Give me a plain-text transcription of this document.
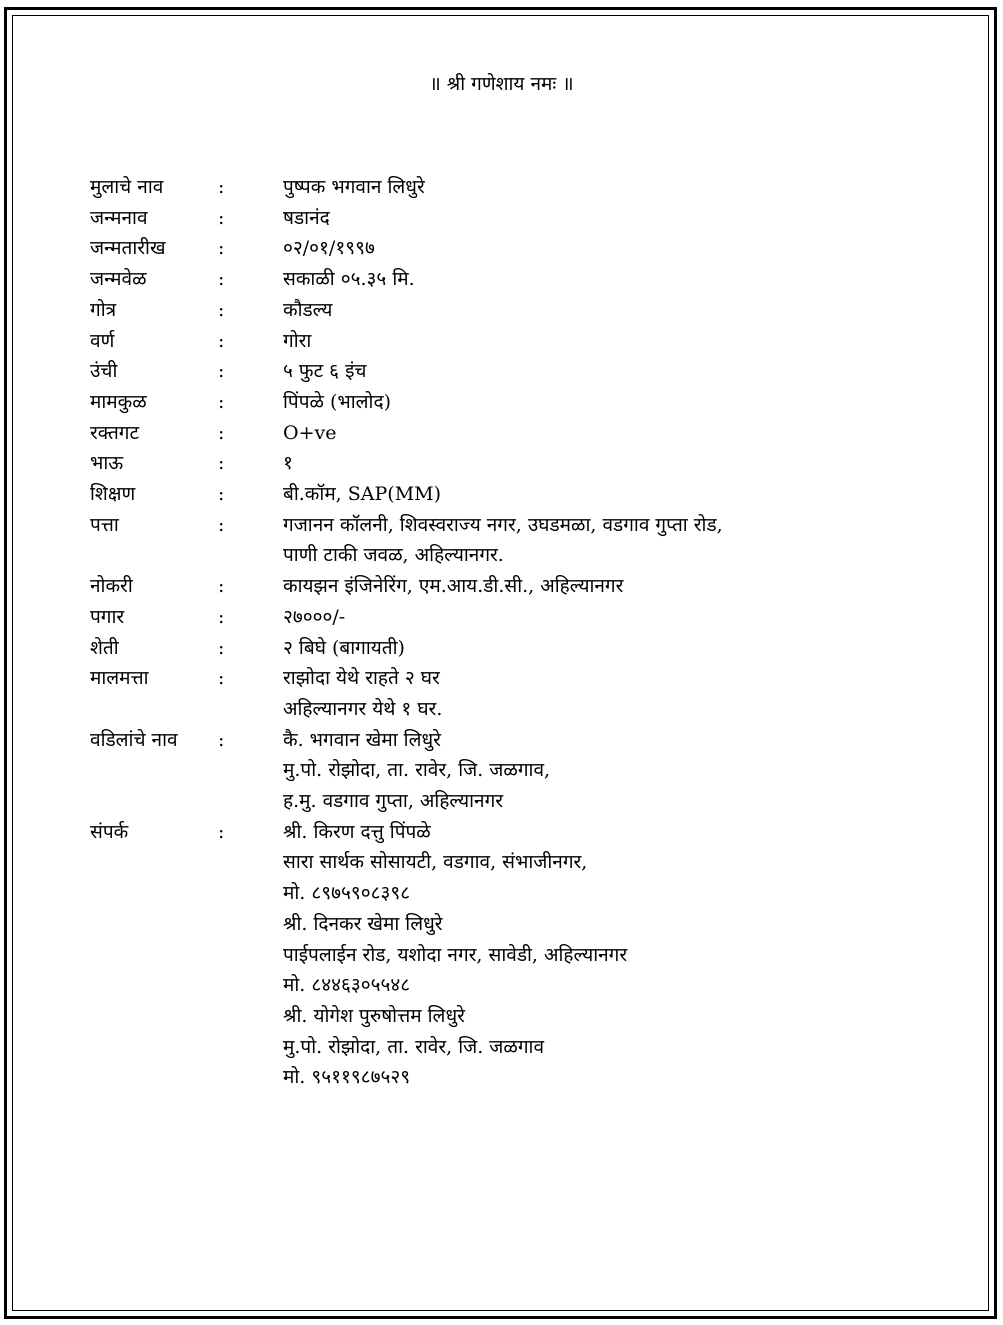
॥ श्री गणेशाय नमः ॥
मुलाचे नाव	:	पुष्पक भगवान लिधुरे
जन्मनाव	:	षडानंद
जन्मतारीख	:	०२/०१/१९९७
जन्मवेळ	:	सकाळी ०५.३५ मि.
गोत्र	:	कौडल्य
वर्ण	:	गोरा
उंची	:	५ फुट ६ इंच
मामकुळ	:	पिंपळे (भालोद)
रक्तगट	:	O+ve
भाऊ	:	१
शिक्षण	:	बी.कॉम, SAP(MM)
पत्ता	:	गजानन कॉलनी, शिवस्वराज्य नगर, उघडमळा, वडगाव गुप्ता रोड,
पाणी टाकी जवळ, अहिल्यानगर.
नोकरी	:	कायझन इंजिनेरिंग, एम.आय.डी.सी., अहिल्यानगर
पगार	:	२७०००/-
शेती	:	२ बिघे (बागायती)
मालमत्ता	:	राझोदा येथे राहते २ घर
अहिल्यानगर येथे १ घर.
वडिलांचे नाव	:	कै. भगवान खेमा लिधुरे
मु.पो. रोझोदा, ता. रावेर, जि. जळगाव,
ह.मु. वडगाव गुप्ता, अहिल्यानगर
संपर्क	:	श्री. किरण दत्तु पिंपळे
सारा सार्थक सोसायटी, वडगाव, संभाजीनगर,
मो. ८९७५९०८३९८
श्री. दिनकर खेमा लिधुरे
पाईपलाईन रोड, यशोदा नगर, सावेडी, अहिल्यानगर
मो. ८४४६३०५५४८
श्री. योगेश पुरुषोत्तम लिधुरे
मु.पो. रोझोदा, ता. रावेर, जि. जळगाव
मो. ९५११९८७५२९
